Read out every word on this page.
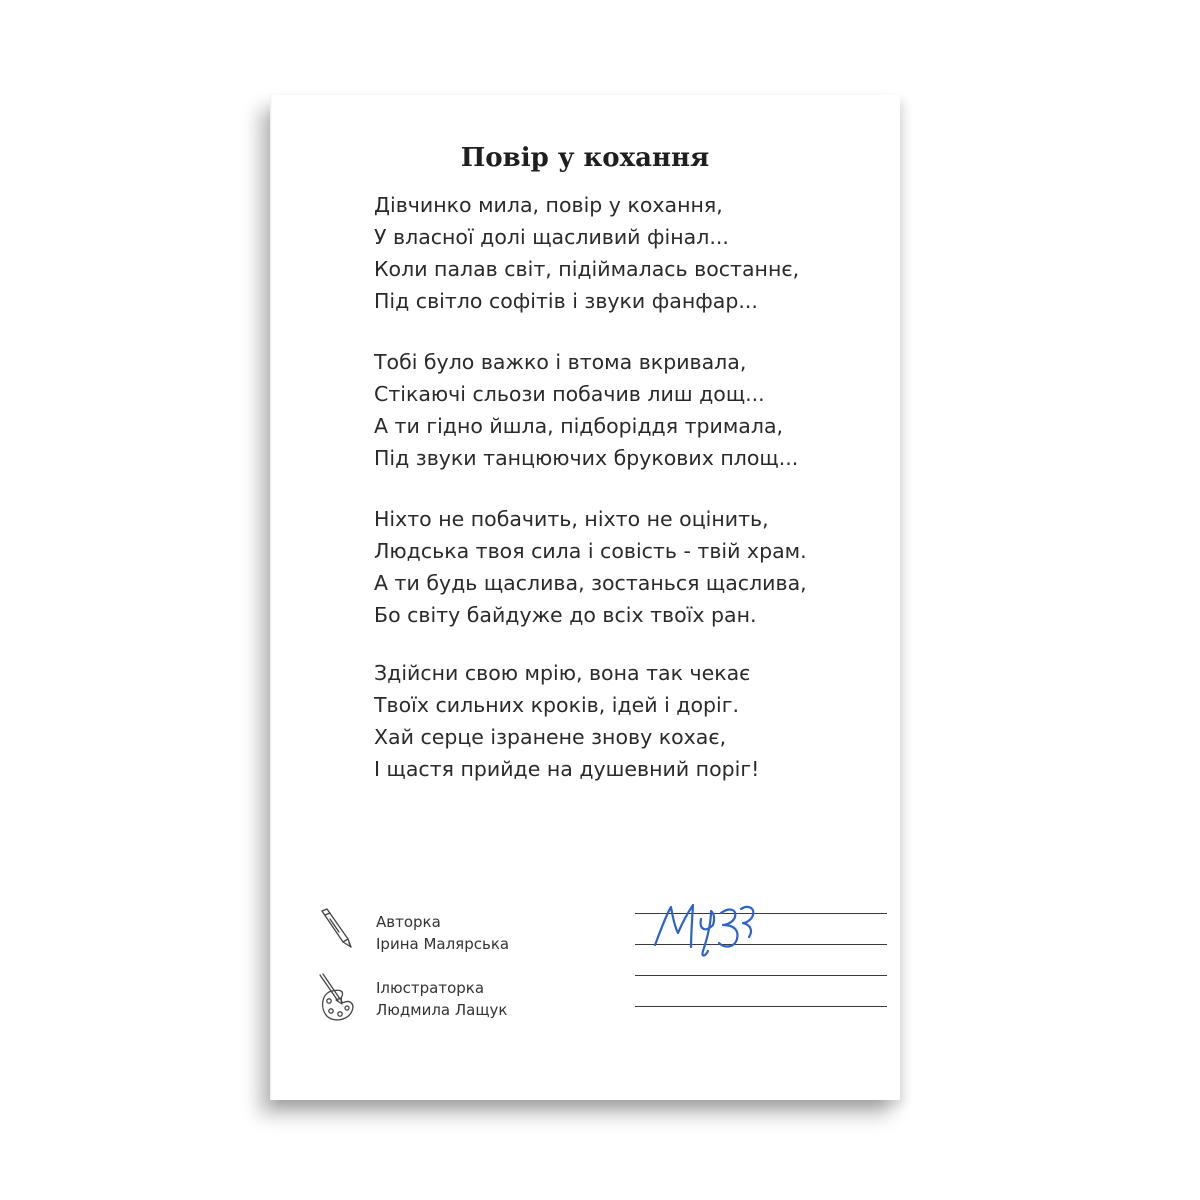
Повір у кохання
Дівчинко мила, повір у кохання,
У власної долі щасливий фінал...
Коли палав світ, підіймалась востаннє,
Під світло софітів і звуки фанфар...
Тобі було важко і втома вкривала,
Стікаючі сльози побачив лиш дощ...
А ти гідно йшла, підборіддя тримала,
Під звуки танцюючих брукових площ...
Ніхто не побачить, ніхто не оцінить,
Людська твоя сила і совість - твій храм.
А ти будь щаслива, зостанься щаслива,
Бо світу байдуже до всіх твоїх ран.
Здійсни свою мрію, вона так чекає
Твоїх сильних кроків, ідей і доріг.
Хай серце ізранене знову кохає,
І щастя прийде на душевний поріг!
Авторка
Ірина Малярська
Ілюстраторка
Людмила Лащук
